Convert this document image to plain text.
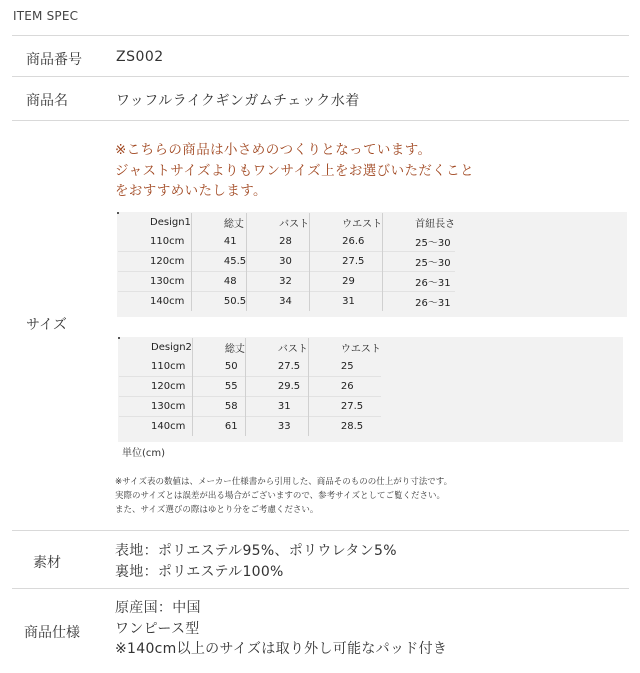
ITEM SPEC
商品番号 ZS002
商品名	ワッフルライクギンガムチェック水着
サイズ
※こちらの商品は小さめのつくりとなっています。
ジャストサイズよりもワンサイズ上をお選びいただくこと
をおすすめいたします。
Design1	総丈	バスト	ウエスト	首紐長さ
110cm	41	28	26.6	25〜30
120cm	45.5	30	27.5	25〜30
130cm	48	32	29	26〜31
140cm	50.5	34	31	26〜31
Design2	総丈	バスト	ウエスト
110cm	50	27.5	25
120cm	55	29.5	26
130cm	58	31	27.5
140cm	61	33	28.5
単位(cm)
※サイズ表の数値は、メーカー仕様書から引用した、商品そのものの仕上がり寸法です。
実際のサイズとは誤差が出る場合がございますので、参考サイズとしてご覧ください。
また、サイズ選びの際はゆとり分をご考慮ください。
素材
表地：ポリエステル95%、ポリウレタン5%
裏地：ポリエステル100%
商品仕様
原産国：中国
ワンピース型
※140cm以上のサイズは取り外し可能なパッド付き
